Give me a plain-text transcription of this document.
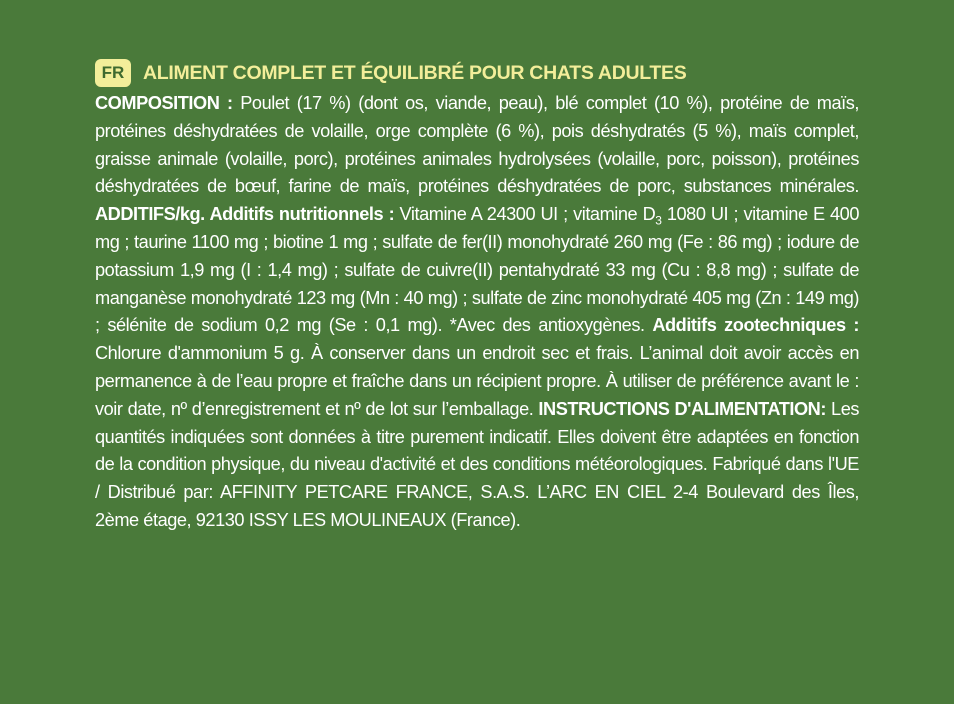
FR ALIMENT COMPLET ET ÉQUILIBRÉ POUR CHATS ADULTES
COMPOSITION : Poulet (17 %) (dont os, viande, peau), blé complet (10 %), protéine de maïs, protéines déshydratées de volaille, orge complète (6 %), pois déshydratés (5 %), maïs complet, graisse animale (volaille, porc), protéines animales hydrolysées (volaille, porc, poisson), protéines déshydratées de bœuf, farine de maïs, protéines déshydratées de porc, substances minérales. ADDITIFS/kg. Additifs nutritionnels : Vitamine A 24300 UI ; vitamine $D_3$ 1080 UI ; vitamine E 400 mg ; taurine 1100 mg ; biotine 1 mg ; sulfate de fer(II) monohydraté 260 mg (Fe : 86 mg) ; iodure de potassium 1,9 mg (I : 1,4 mg) ; sulfate de cuivre(II) pentahydraté 33 mg (Cu : 8,8 mg) ; sulfate de manganèse monohydraté 123 mg (Mn : 40 mg) ; sulfate de zinc monohydraté 405 mg (Zn : 149 mg) ; sélénite de sodium 0,2 mg (Se : 0,1 mg). *Avec des antioxygènes. Additifs zootechniques : Chlorure d'ammonium 5 g. À conserver dans un endroit sec et frais. L’animal doit avoir accès en permanence à de l’eau propre et fraîche dans un récipient propre. À utiliser de préférence avant le : voir date, nº d’enregistrement et nº de lot sur l’emballage. INSTRUCTIONS D'ALIMENTATION: Les quantités indiquées sont données à titre purement indicatif. Elles doivent être adaptées en fonction de la condition physique, du niveau d'activité et des conditions météorologiques. Fabriqué dans l'UE / Distribué par: AFFINITY PETCARE FRANCE, S.A.S. L’ARC EN CIEL 2-4 Boulevard des Îles, 2ème étage, 92130 ISSY LES MOULINEAUX (France).
